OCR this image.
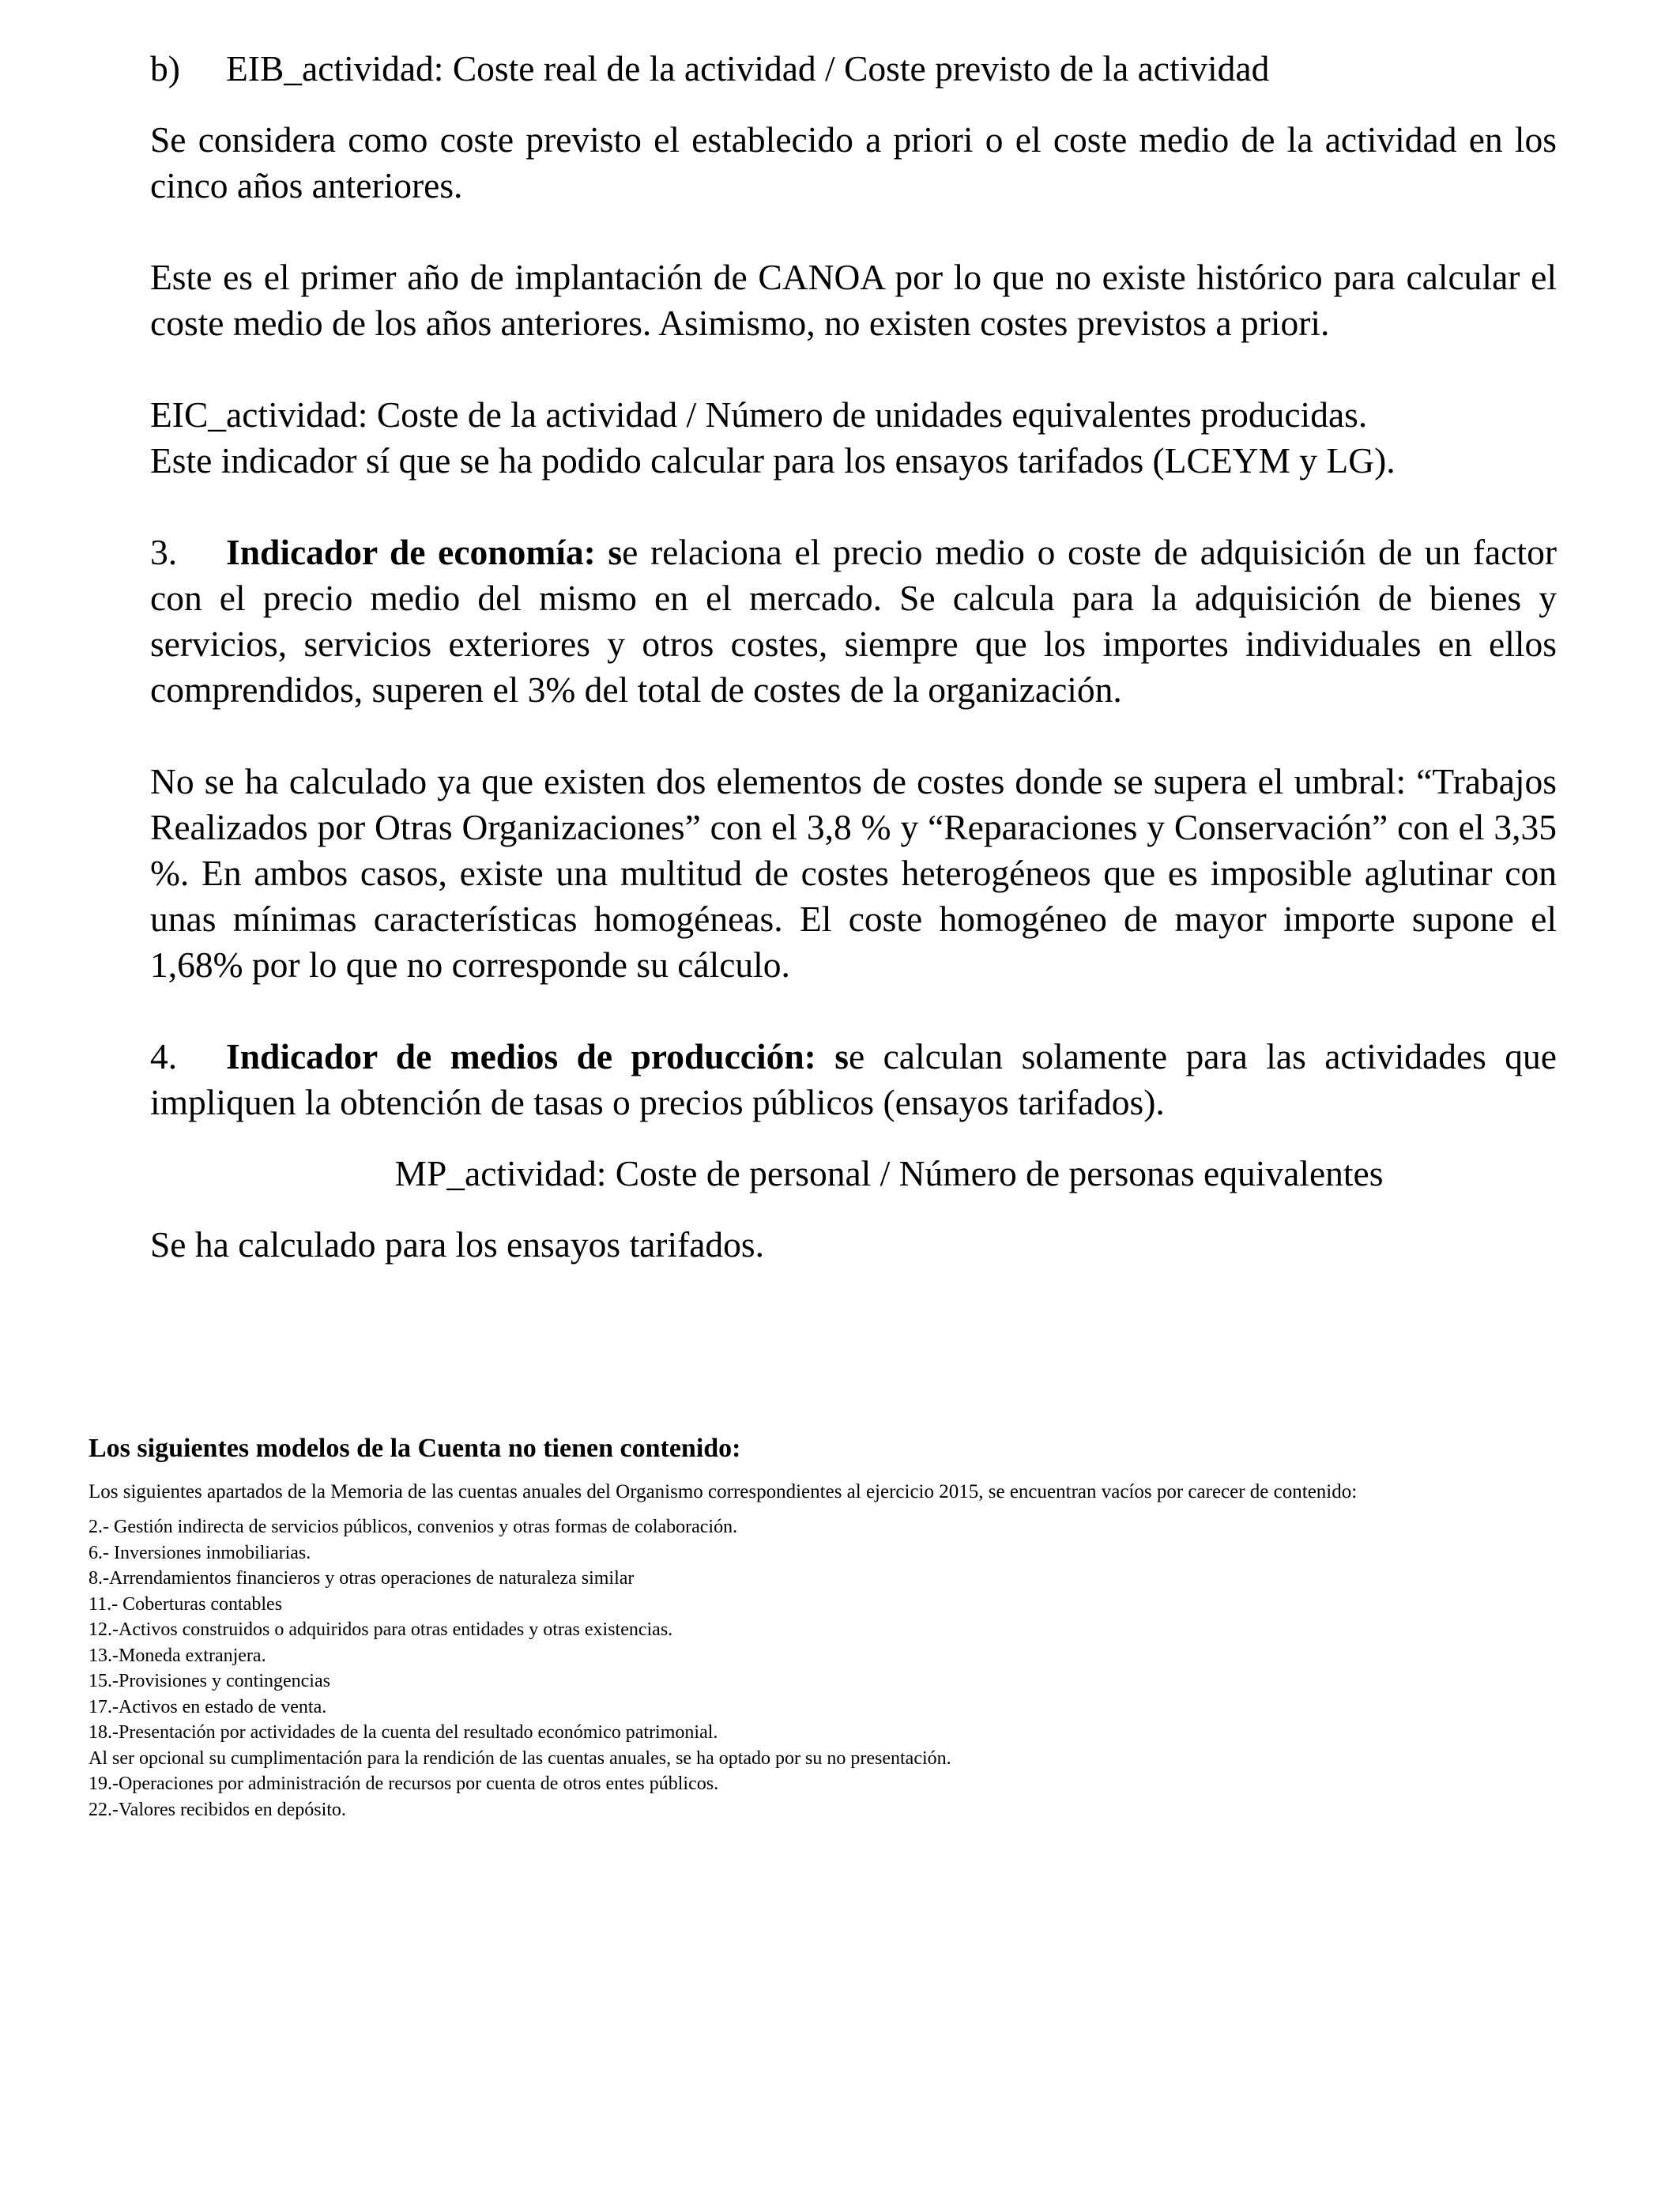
b)	EIB_actividad: Coste real de la actividad / Coste previsto de la actividad

Se considera como coste previsto el establecido a priori o el coste medio de la actividad en los cinco años anteriores.

Este es el primer año de implantación de CANOA por lo que no existe histórico para calcular el coste medio de los años anteriores. Asimismo, no existen costes previstos a priori.

EIC_actividad: Coste de la actividad / Número de unidades equivalentes producidas.

Este indicador sí que se ha podido calcular para los ensayos tarifados (LCEYM y LG).

3. Indicador de economía: se relaciona el precio medio o coste de adquisición de un factor con el precio medio del mismo en el mercado. Se calcula para la adquisición de bienes y servicios, servicios exteriores y otros costes, siempre que los importes individuales en ellos comprendidos, superen el 3% del total de costes de la organización.

No se ha calculado ya que existen dos elementos de costes donde se supera el umbral: “Trabajos Realizados por Otras Organizaciones” con el 3,8 % y “Reparaciones y Conservación” con el 3,35 %. En ambos casos, existe una multitud de costes heterogéneos que es imposible aglutinar con unas mínimas características homogéneas. El coste homogéneo de mayor importe supone el 1,68% por lo que no corresponde su cálculo.

4. Indicador de medios de producción: se calculan solamente para las actividades que impliquen la obtención de tasas o precios públicos (ensayos tarifados).

MP_actividad: Coste de personal / Número de personas equivalentes

Se ha calculado para los ensayos tarifados.

Los siguientes modelos de la Cuenta no tienen contenido:

Los siguientes apartados de la Memoria de las cuentas anuales del Organismo correspondientes al ejercicio 2015, se encuentran vacíos por carecer de contenido:

2.- Gestión indirecta de servicios públicos, convenios y otras formas de colaboración.
6.- Inversiones inmobiliarias.
8.-Arrendamientos financieros y otras operaciones de naturaleza similar
11.- Coberturas contables
12.-Activos construidos o adquiridos para otras entidades y otras existencias.
13.-Moneda extranjera.
15.-Provisiones y contingencias
17.-Activos en estado de venta.
18.-Presentación por actividades de la cuenta del resultado económico patrimonial.
Al ser opcional su cumplimentación para la rendición de las cuentas anuales, se ha optado por su no presentación.
19.-Operaciones por administración de recursos por cuenta de otros entes públicos.
22.-Valores recibidos en depósito.
